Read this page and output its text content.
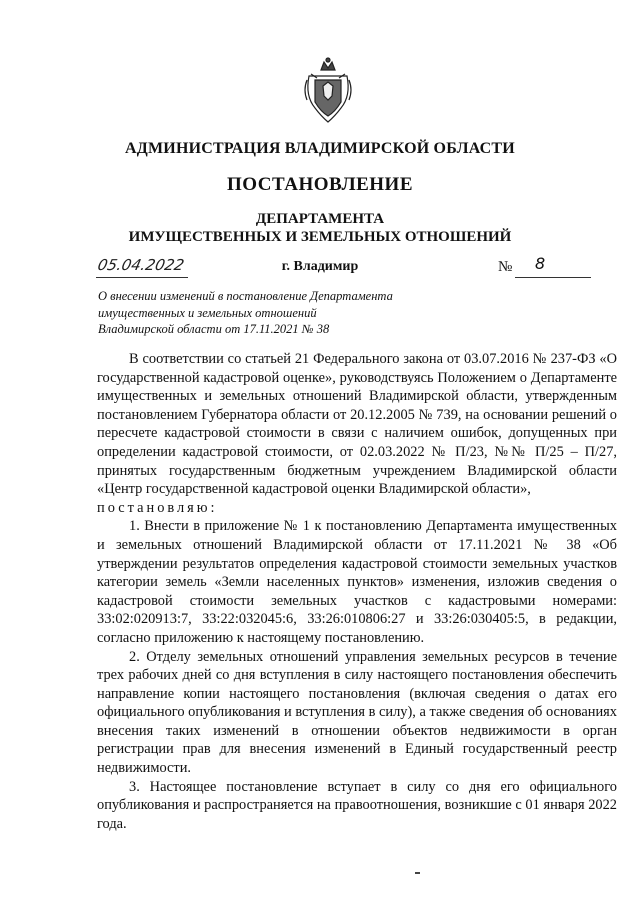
АДМИНИСТРАЦИЯ ВЛАДИМИРСКОЙ ОБЛАСТИ
ПОСТАНОВЛЕНИЕ
ДЕПАРТАМЕНТА
ИМУЩЕСТВЕННЫХ И ЗЕМЕЛЬНЫХ ОТНОШЕНИЙ
05.04.2022	г. Владимир	№ 8
О внесении изменений в постановление Департамента
имущественных и земельных отношений
Владимирской области от 17.11.2021 № 38

В соответствии со статьей 21 Федерального закона от 03.07.2016 № 237-ФЗ «О государственной кадастровой оценке», руководствуясь Положением о Департаменте имущественных и земельных отношений Владимирской области, утвержденным постановлением Губернатора области от 20.12.2005 № 739, на основании решений о пересчете кадастровой стоимости в связи с наличием ошибок, допущенных при определении кадастровой стоимости, от 02.03.2022 № П/23, №№ П/25 – П/27, принятых государственным бюджетным учреждением Владимирской области «Центр государственной кадастровой оценки Владимирской области»,

постановляю:

1. Внести в приложение № 1 к постановлению Департамента имущественных и земельных отношений Владимирской области от 17.11.2021 № 38 «Об утверждении результатов определения кадастровой стоимости земельных участков категории земель «Земли населенных пунктов» изменения, изложив сведения о кадастровой стоимости земельных участков с кадастровыми номерами: 33:02:020913:7, 33:22:032045:6, 33:26:010806:27 и 33:26:030405:5, в редакции, согласно приложению к настоящему постановлению.

2. Отделу земельных отношений управления земельных ресурсов в течение трех рабочих дней со дня вступления в силу настоящего постановления обеспечить направление копии настоящего постановления (включая сведения о датах его официального опубликования и вступления в силу), а также сведения об основаниях внесения таких изменений в отношении объектов недвижимости в орган регистрации прав для внесения изменений в Единый государственный реестр недвижимости.

3. Настоящее постановление вступает в силу со дня его официального опубликования и распространяется на правоотношения, возникшие с 01 января 2022 года.
